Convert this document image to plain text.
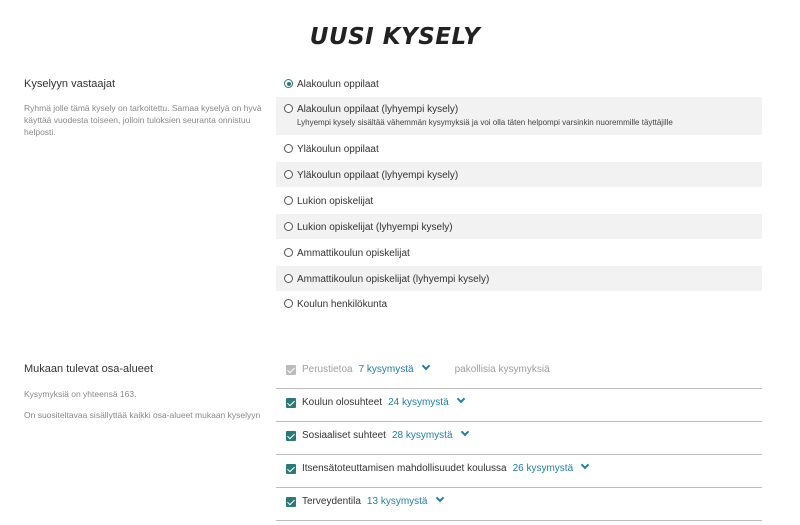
UUSI KYSELY
Kyselyyn vastaajat
Ryhmä jolle tämä kysely on tarkoitettu. Samaa kyselyä on hyvä käyttää vuodesta toiseen, jolloin tuloksien seuranta onnistuu helposti.
Alakoulun oppilaat
Alakoulun oppilaat (lyhyempi kysely)
Lyhyempi kysely sisältää vähemmän kysymyksiä ja voi olla täten helpompi varsinkin nuoremmille täyttäjille
Yläkoulun oppilaat
Yläkoulun oppilaat (lyhyempi kysely)
Lukion opiskelijat
Lukion opiskelijat (lyhyempi kysely)
Ammattikoulun opiskelijat
Ammattikoulun opiskelijat (lyhyempi kysely)
Koulun henkilökunta
Mukaan tulevat osa-alueet
Kysymyksiä on yhteensä 163.
On suositeltavaa sisällyttää kaikki osa-alueet mukaan kyselyyn
Perustietoa 7 kysymystä	pakollisia kysymyksiä
Koulun olosuhteet 24 kysymystä
Sosiaaliset suhteet 28 kysymystä
Itsensätoteuttamisen mahdollisuudet koulussa 26 kysymystä
Terveydentila 13 kysymystä
